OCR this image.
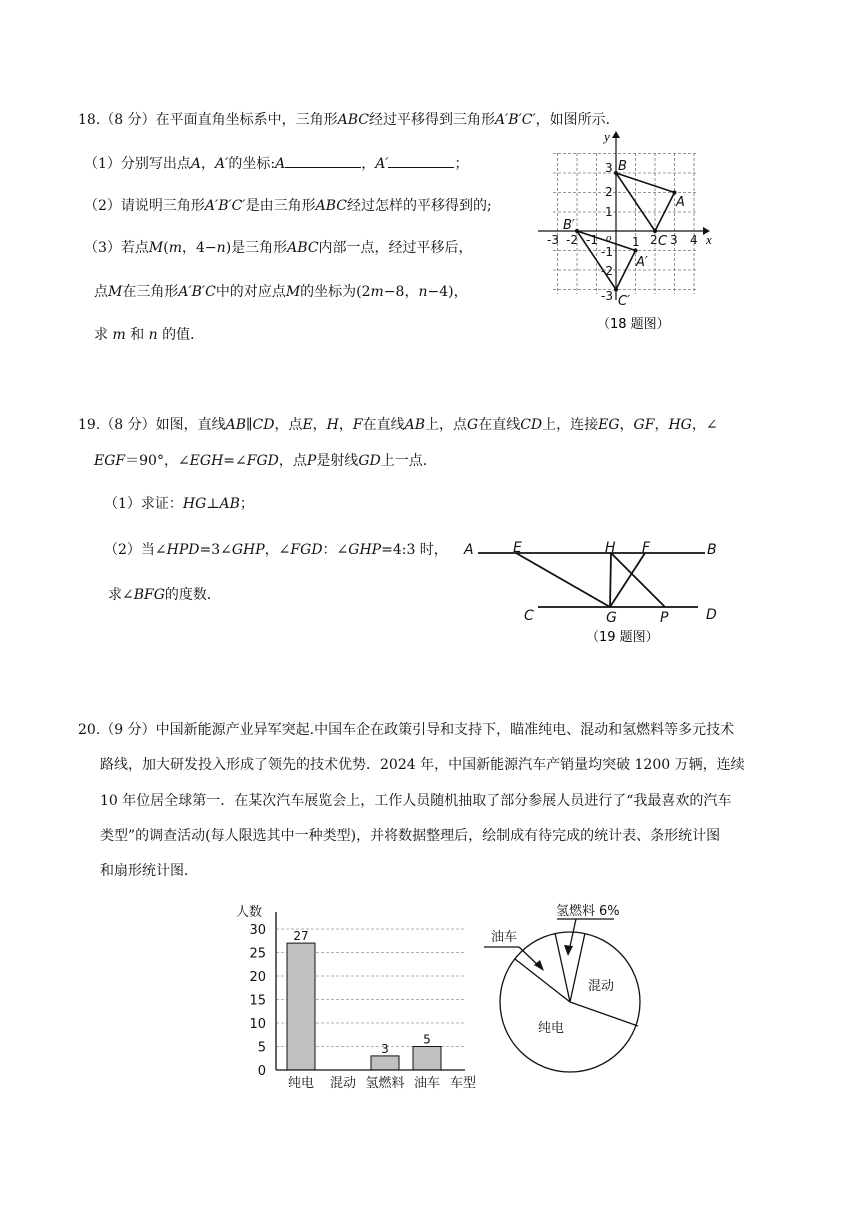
18.（8 分）在平面直角坐标系中，三角形ABC经过平移得到三角形A′B′C′，如图所示．
（1）分别写出点A，A′的坐标:A	，A′	；
（2）请说明三角形A′B′C′是由三角形ABC经过怎样的平移得到的;
（3）若点M(m，4−n)是三角形ABC内部一点，经过平移后，
点M在三角形A′B′C中的对应点M的坐标为(2m−8，n−4)，
求 m 和 n 的值．
x
y
o
-3 -2 -1	1 2 3 4
3
2
1
-1
-2
-3
A
B
C
A′
B′
C′
（18 题图）
19.（8 分）如图，直线AB∥CD，点E，H，F在直线AB上，点G在直线CD上，连接EG，GF，HG，∠
EGF＝90°，∠EGH=∠FGD，点P是射线GD上一点．
（1）求证：HG⊥AB；
（2）当∠HPD=3∠GHP，∠FGD：∠GHP=4:3 时，
求∠BFG的度数．
A	E	H F	B
C	G	P	D
（19 题图）
20.（9 分）中国新能源产业异军突起.中国车企在政策引导和支持下，瞄准纯电、混动和氢燃料等多元技术
路线，加大研发投入形成了领先的技术优势．2024 年，中国新能源汽车产销量均突破 1200 万辆，连续
10 年位居全球第一．在某次汽车展览会上，工作人员随机抽取了部分参展人员进行了“我最喜欢的汽车
类型”的调查活动(每人限选其中一种类型)，并将数据整理后，绘制成有待完成的统计表、条形统计图
和扇形统计图．
人数
车型
0
5
10
15
20
25
30 27
3
5
纯电 混动 氢燃料 油车
纯电
混动
油车
氢燃料 6%
